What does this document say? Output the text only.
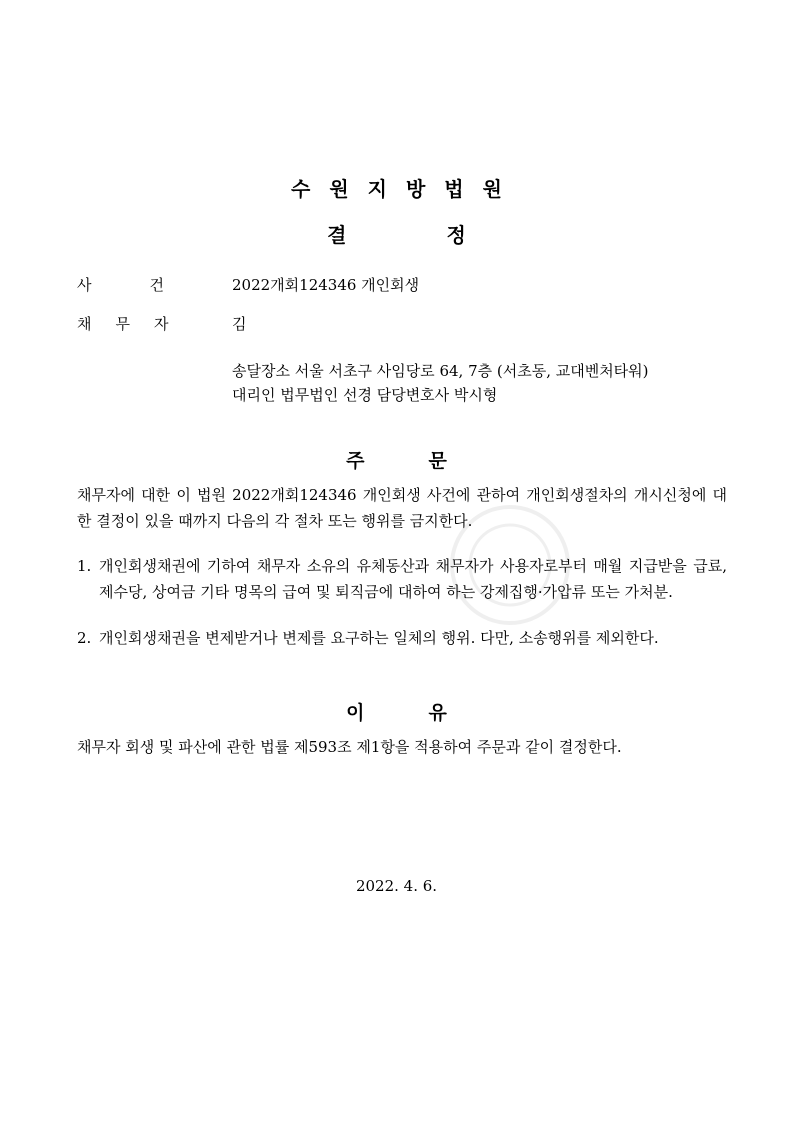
수원지방법원
결정
사건 2022개회124346 개인회생
채무자	김
송달장소 서울 서초구 사임당로 64, 7층 (서초동, 교대벤처타워)
대리인 법무법인 선경 담당변호사 박시형
주문
채무자에 대한 이 법원 2022개회124346 개인회생 사건에 관하여 개인회생절차의 개시신청에 대한 결정이 있을 때까지 다음의 각 절차 또는 행위를 금지한다.
1. 개인회생채권에 기하여 채무자 소유의 유체동산과 채무자가 사용자로부터 매월 지급받을 급료, 제수당, 상여금 기타 명목의 급여 및 퇴직금에 대하여 하는 강제집행·가압류 또는 가처분.
2. 개인회생채권을 변제받거나 변제를 요구하는 일체의 행위. 다만, 소송행위를 제외한다.
이유
채무자 회생 및 파산에 관한 법률 제593조 제1항을 적용하여 주문과 같이 결정한다.
2022. 4. 6.
